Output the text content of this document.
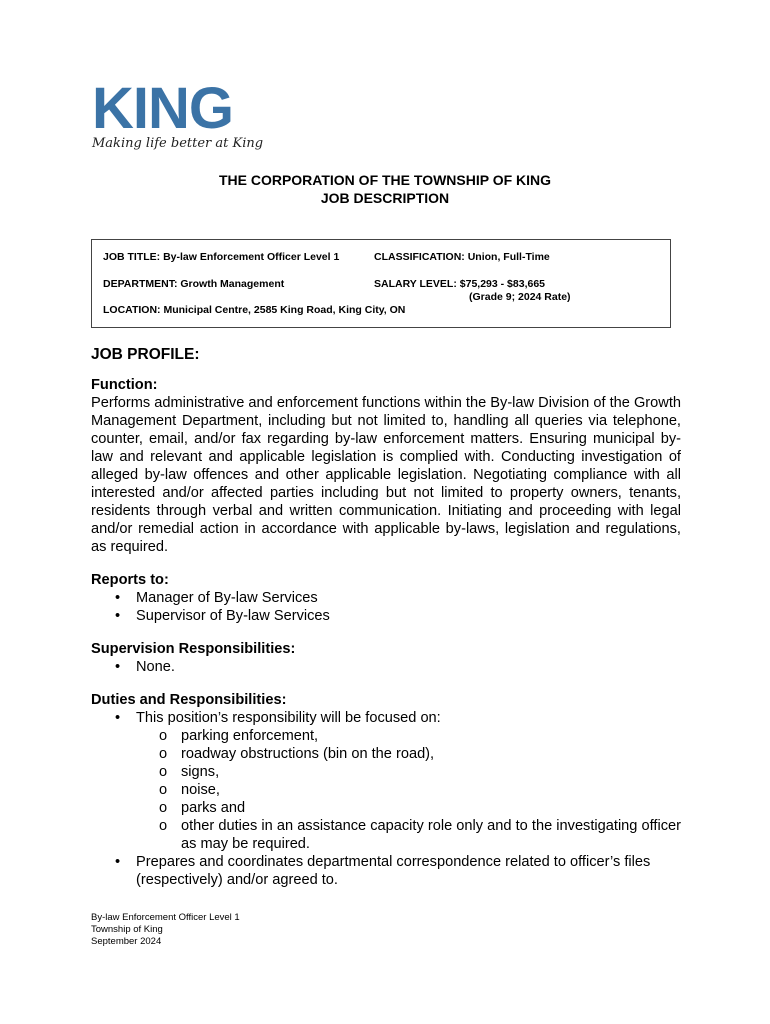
KING
Making life better at King
THE CORPORATION OF THE TOWNSHIP OF KING
JOB DESCRIPTION
JOB TITLE: By-law Enforcement Officer Level 1	CLASSIFICATION: Union, Full-Time
DEPARTMENT: Growth Management	SALARY LEVEL: $75,293 - $83,665
(Grade 9; 2024 Rate)
LOCATION: Municipal Centre, 2585 King Road, King City, ON
JOB PROFILE:
Function:

Performs administrative and enforcement functions within the By-law Division of the Growth Management Department, including but not limited to, handling all queries via telephone, counter, email, and/or fax regarding by-law enforcement matters. Ensuring municipal by-law and relevant and applicable legislation is complied with. Conducting investigation of alleged by-law offences and other applicable legislation. Negotiating compliance with all interested and/or affected parties including but not limited to property owners, tenants, residents through verbal and written communication. Initiating and proceeding with legal and/or remedial action in accordance with applicable by-laws, legislation and regulations, as required.

Reports to:
• Manager of By-law Services
• Supervisor of By-law Services
Supervision Responsibilities:
• None.
Duties and Responsibilities:
• This position’s responsibility will be focused on:
o parking enforcement,
o roadway obstructions (bin on the road),
o signs,
o noise,
o parks and
o other duties in an assistance capacity role only and to the investigating officer as may be required.
• Prepares and coordinates departmental correspondence related to officer’s files (respectively) and/or agreed to.
By-law Enforcement Officer Level 1
Township of King
September 2024
